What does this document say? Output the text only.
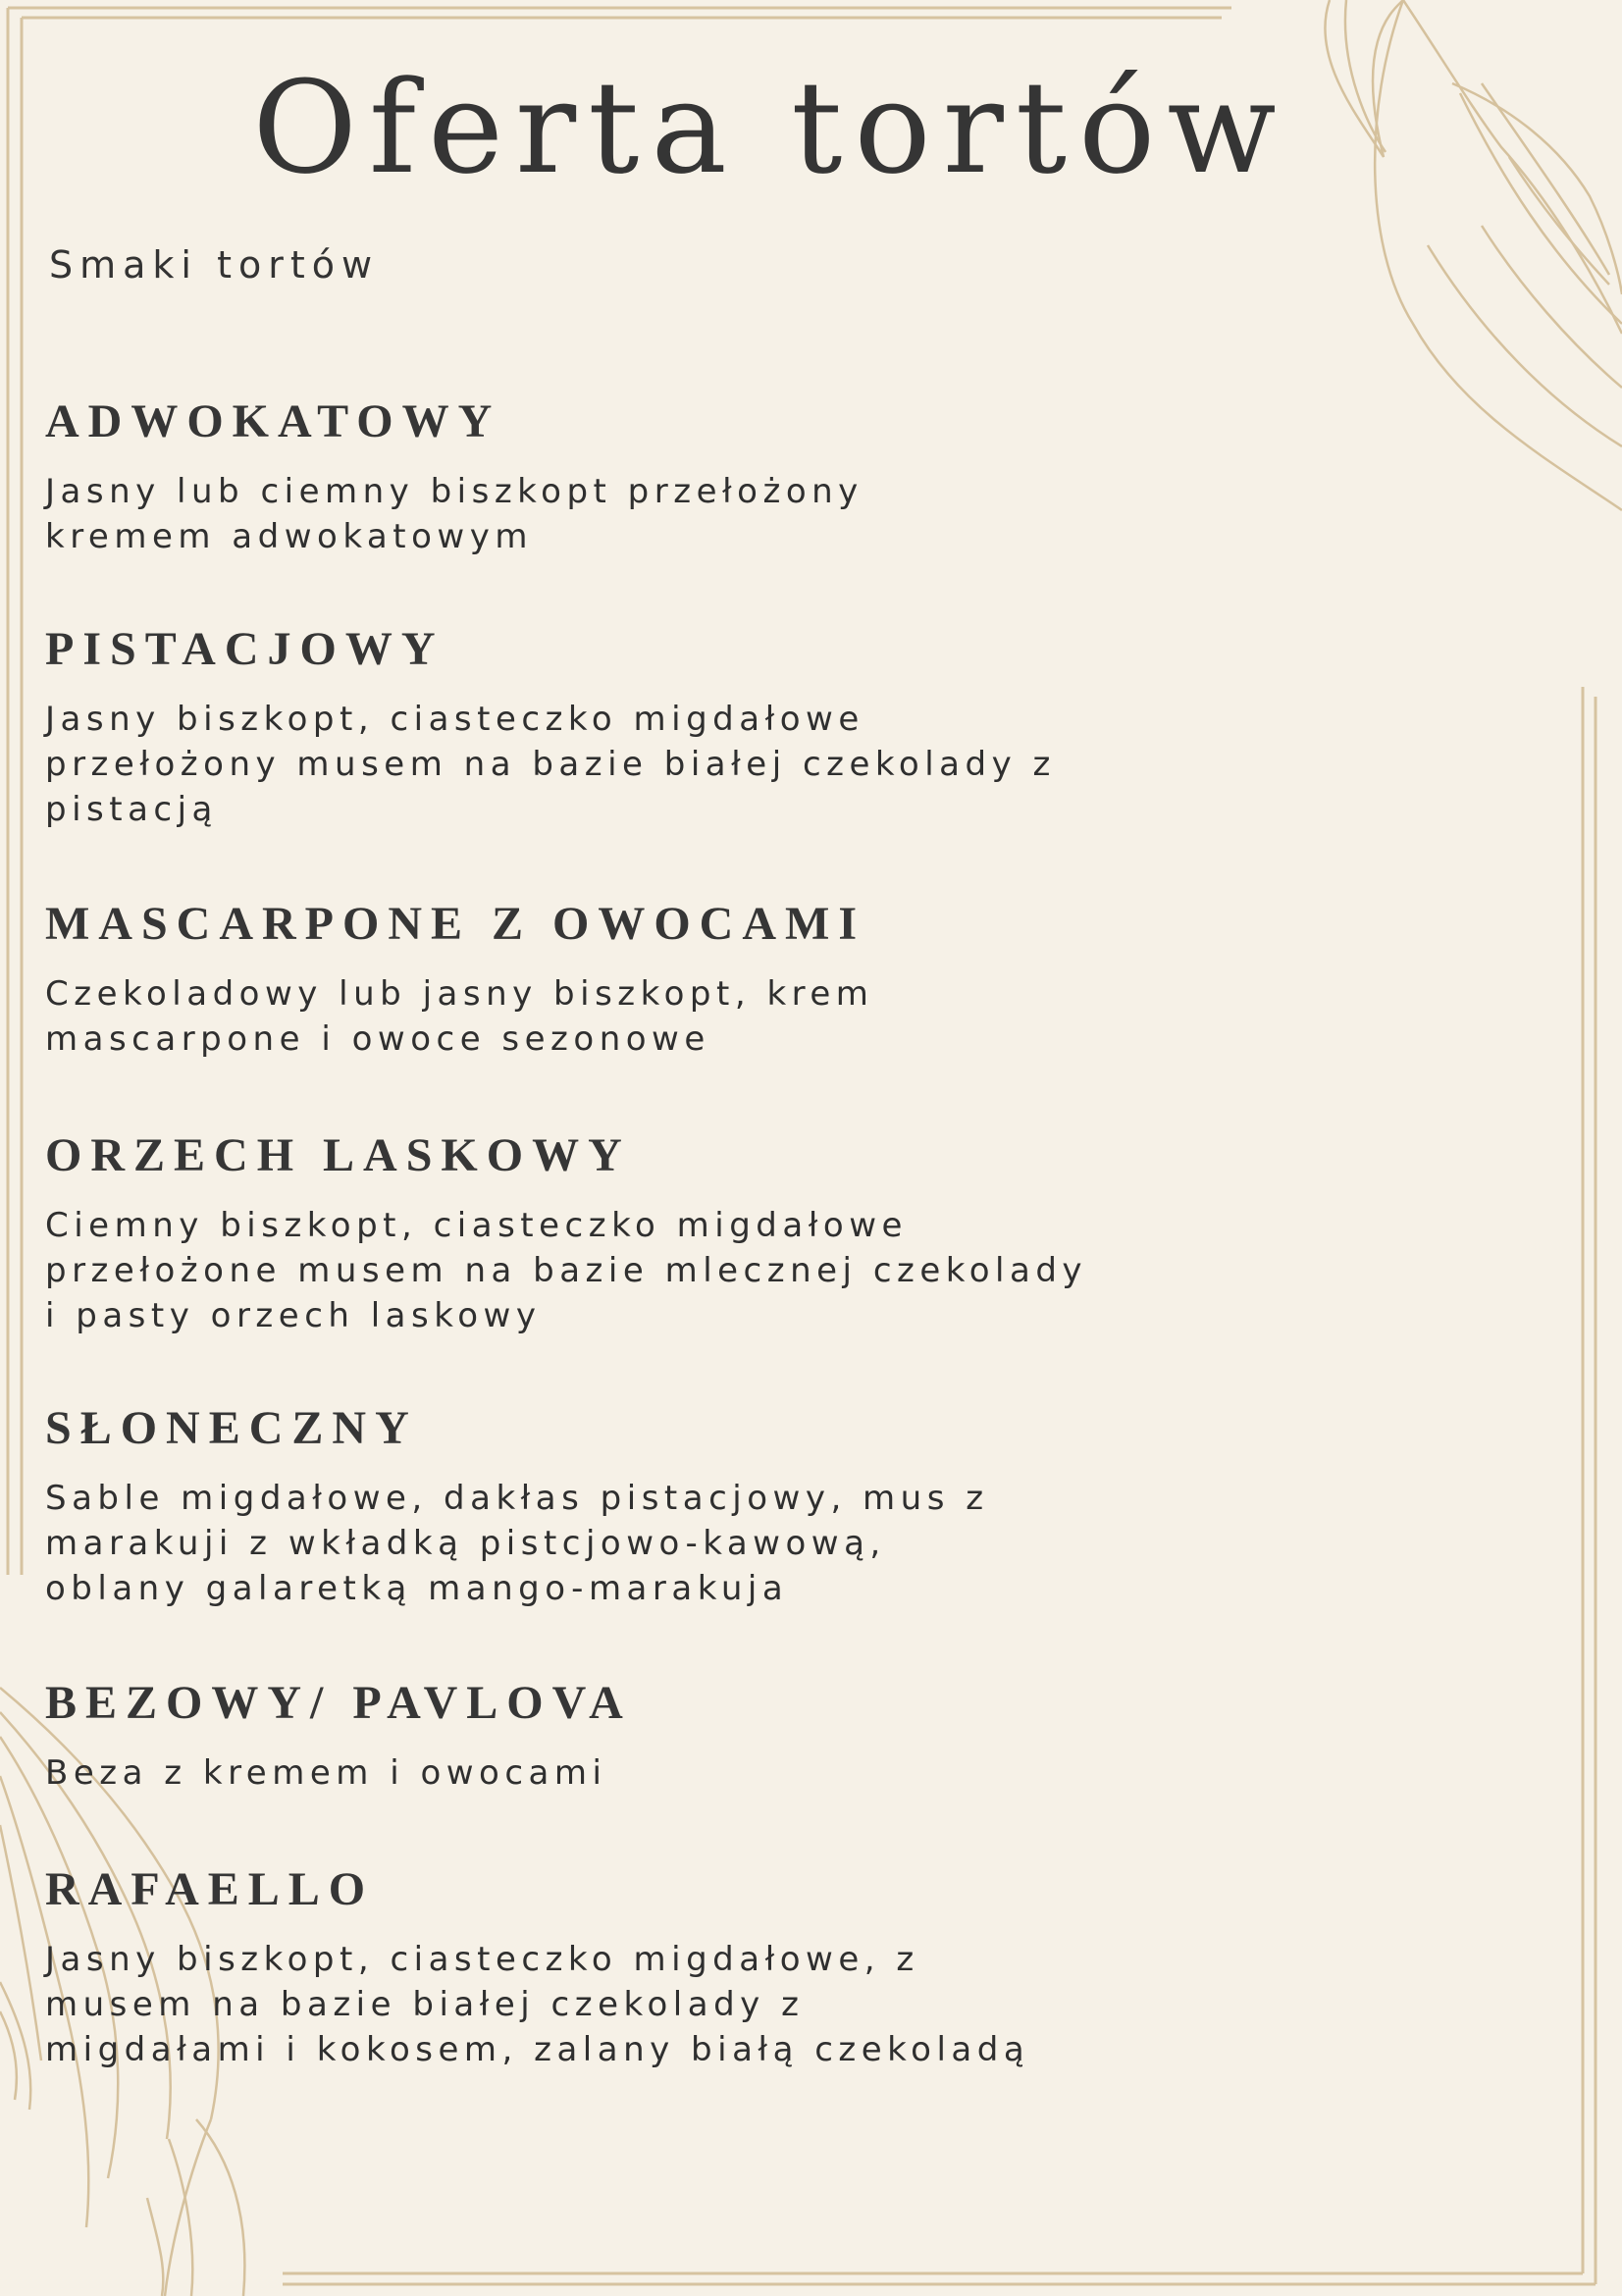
Oferta tortów
Smaki tortów
ADWOKATOWY
Jasny lub ciemny biszkopt przełożony
kremem adwokatowym
PISTACJOWY
Jasny biszkopt, ciasteczko migdałowe
przełożony musem na bazie białej czekolady z
pistacją
MASCARPONE Z OWOCAMI
Czekoladowy lub jasny biszkopt, krem
mascarpone i owoce sezonowe
ORZECH LASKOWY
Ciemny biszkopt, ciasteczko migdałowe
przełożone musem na bazie mlecznej czekolady
i pasty orzech laskowy
SŁONECZNY
Sable migdałowe, dakłas pistacjowy, mus z
marakuji z wkładką pistcjowo-kawową,
oblany galaretką mango-marakuja
BEZOWY/ PAVLOVA
Beza z kremem i owocami
RAFAELLO
Jasny biszkopt, ciasteczko migdałowe, z
musem na bazie białej czekolady z
migdałami i kokosem, zalany białą czekoladą
